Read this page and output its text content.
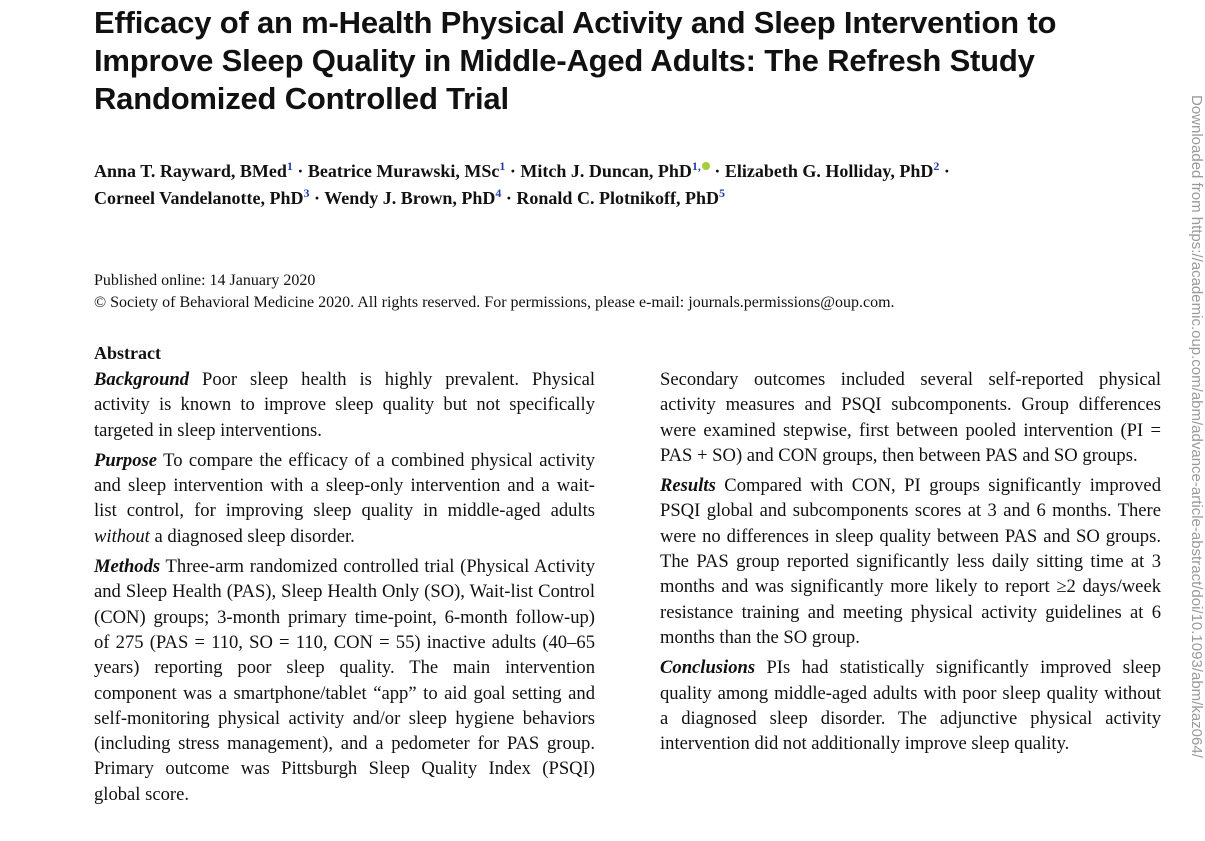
Efficacy of an m-Health Physical Activity and Sleep Intervention to Improve Sleep Quality in Middle-Aged Adults: The Refresh Study Randomized Controlled Trial
Anna T. Rayward, BMed$^1$ · Beatrice Murawski, MSc$^1$ · Mitch J. Duncan, PhD$^{1,}$ · Elizabeth G. Holliday, PhD$^2$ ·
Corneel Vandelanotte, PhD$^3$ · Wendy J. Brown, PhD$^4$ · Ronald C. Plotnikoff, PhD$^5$
Published online: 14 January 2020
© Society of Behavioral Medicine 2020. All rights reserved. For permissions, please e-mail: journals.permissions@oup.com.
Abstract

Background Poor sleep health is highly prevalent. Physical activity is known to improve sleep quality but not specifically targeted in sleep interventions.

Purpose To compare the efficacy of a combined physical activity and sleep intervention with a sleep-only intervention and a wait-list control, for improving sleep quality in middle-aged adults without a diagnosed sleep disorder.

Methods Three-arm randomized controlled trial (Physical Activity and Sleep Health (PAS), Sleep Health Only (SO), Wait-list Control (CON) groups; 3-month primary time-point, 6-month follow-up) of 275 (PAS = 110, SO = 110, CON = 55) inactive adults (40–65 years) reporting poor sleep quality. The main intervention component was a smartphone/tablet “app” to aid goal setting and self-monitoring physical activity and/or sleep hygiene behaviors (including stress management), and a pedometer for PAS group. Primary outcome was Pittsburgh Sleep Quality Index (PSQI) global score.

Secondary outcomes included several self-reported physical activity measures and PSQI subcomponents. Group differences were examined stepwise, first between pooled intervention (PI = PAS + SO) and CON groups, then between PAS and SO groups.

Results Compared with CON, PI groups significantly improved PSQI global and subcomponents scores at 3 and 6 months. There were no differences in sleep quality between PAS and SO groups. The PAS group reported significantly less daily sitting time at 3 months and was significantly more likely to report ≥2 days/week resistance training and meeting physical activity guidelines at 6 months than the SO group.

Conclusions PIs had statistically significantly improved sleep quality among middle-aged adults with poor sleep quality without a diagnosed sleep disorder. The adjunctive physical activity intervention did not additionally improve sleep quality.	Downloaded from https://academic.oup.com/abm/advance-article-abstract/doi/10.1093/abm/kaz064/
